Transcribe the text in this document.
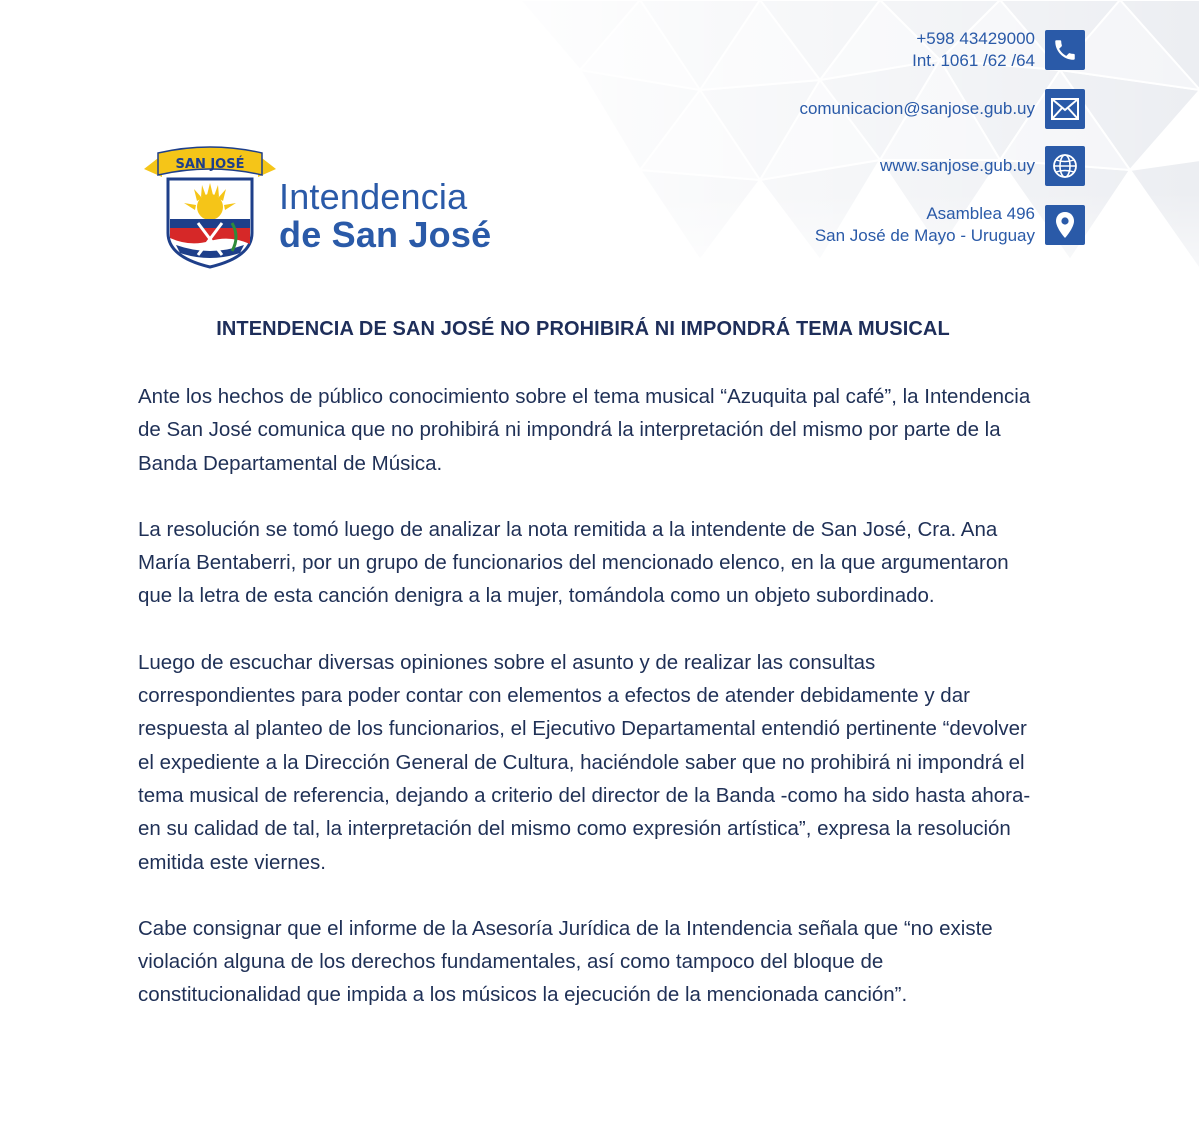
SAN JOSÉ
Intendencia
de San José
+598 43429000
Int. 1061 /62 /64
comunicacion@sanjose.gub.uy
www.sanjose.gub.uy
Asamblea 496
San José de Mayo - Uruguay
INTENDENCIA DE SAN JOSÉ NO PROHIBIRÁ NI IMPONDRÁ TEMA MUSICAL

Ante los hechos de público conocimiento sobre el tema musical “Azuquita pal café”, la Intendencia de San José comunica que no prohibirá ni impondrá la interpretación del mismo por parte de la Banda Departamental de Música.

La resolución se tomó luego de analizar la nota remitida a la intendente de San José, Cra. Ana María Bentaberri, por un grupo de funcionarios del mencionado elenco, en la que argumentaron que la letra de esta canción denigra a la mujer, tomándola como un objeto subordinado.

Luego de escuchar diversas opiniones sobre el asunto y de realizar las consultas correspondientes para poder contar con elementos a efectos de atender debidamente y dar respuesta al planteo de los funcionarios, el Ejecutivo Departamental entendió pertinente “devolver el expediente a la Dirección General de Cultura, haciéndole saber que no prohibirá ni impondrá el tema musical de referencia, dejando a criterio del director de la Banda -como ha sido hasta ahora- en su calidad de tal, la interpretación del mismo como expresión artística”, expresa la resolución emitida este viernes.

Cabe consignar que el informe de la Asesoría Jurídica de la Intendencia señala que “no existe violación alguna de los derechos fundamentales, así como tampoco del bloque de constitucionalidad que impida a los músicos la ejecución de la mencionada canción”.
